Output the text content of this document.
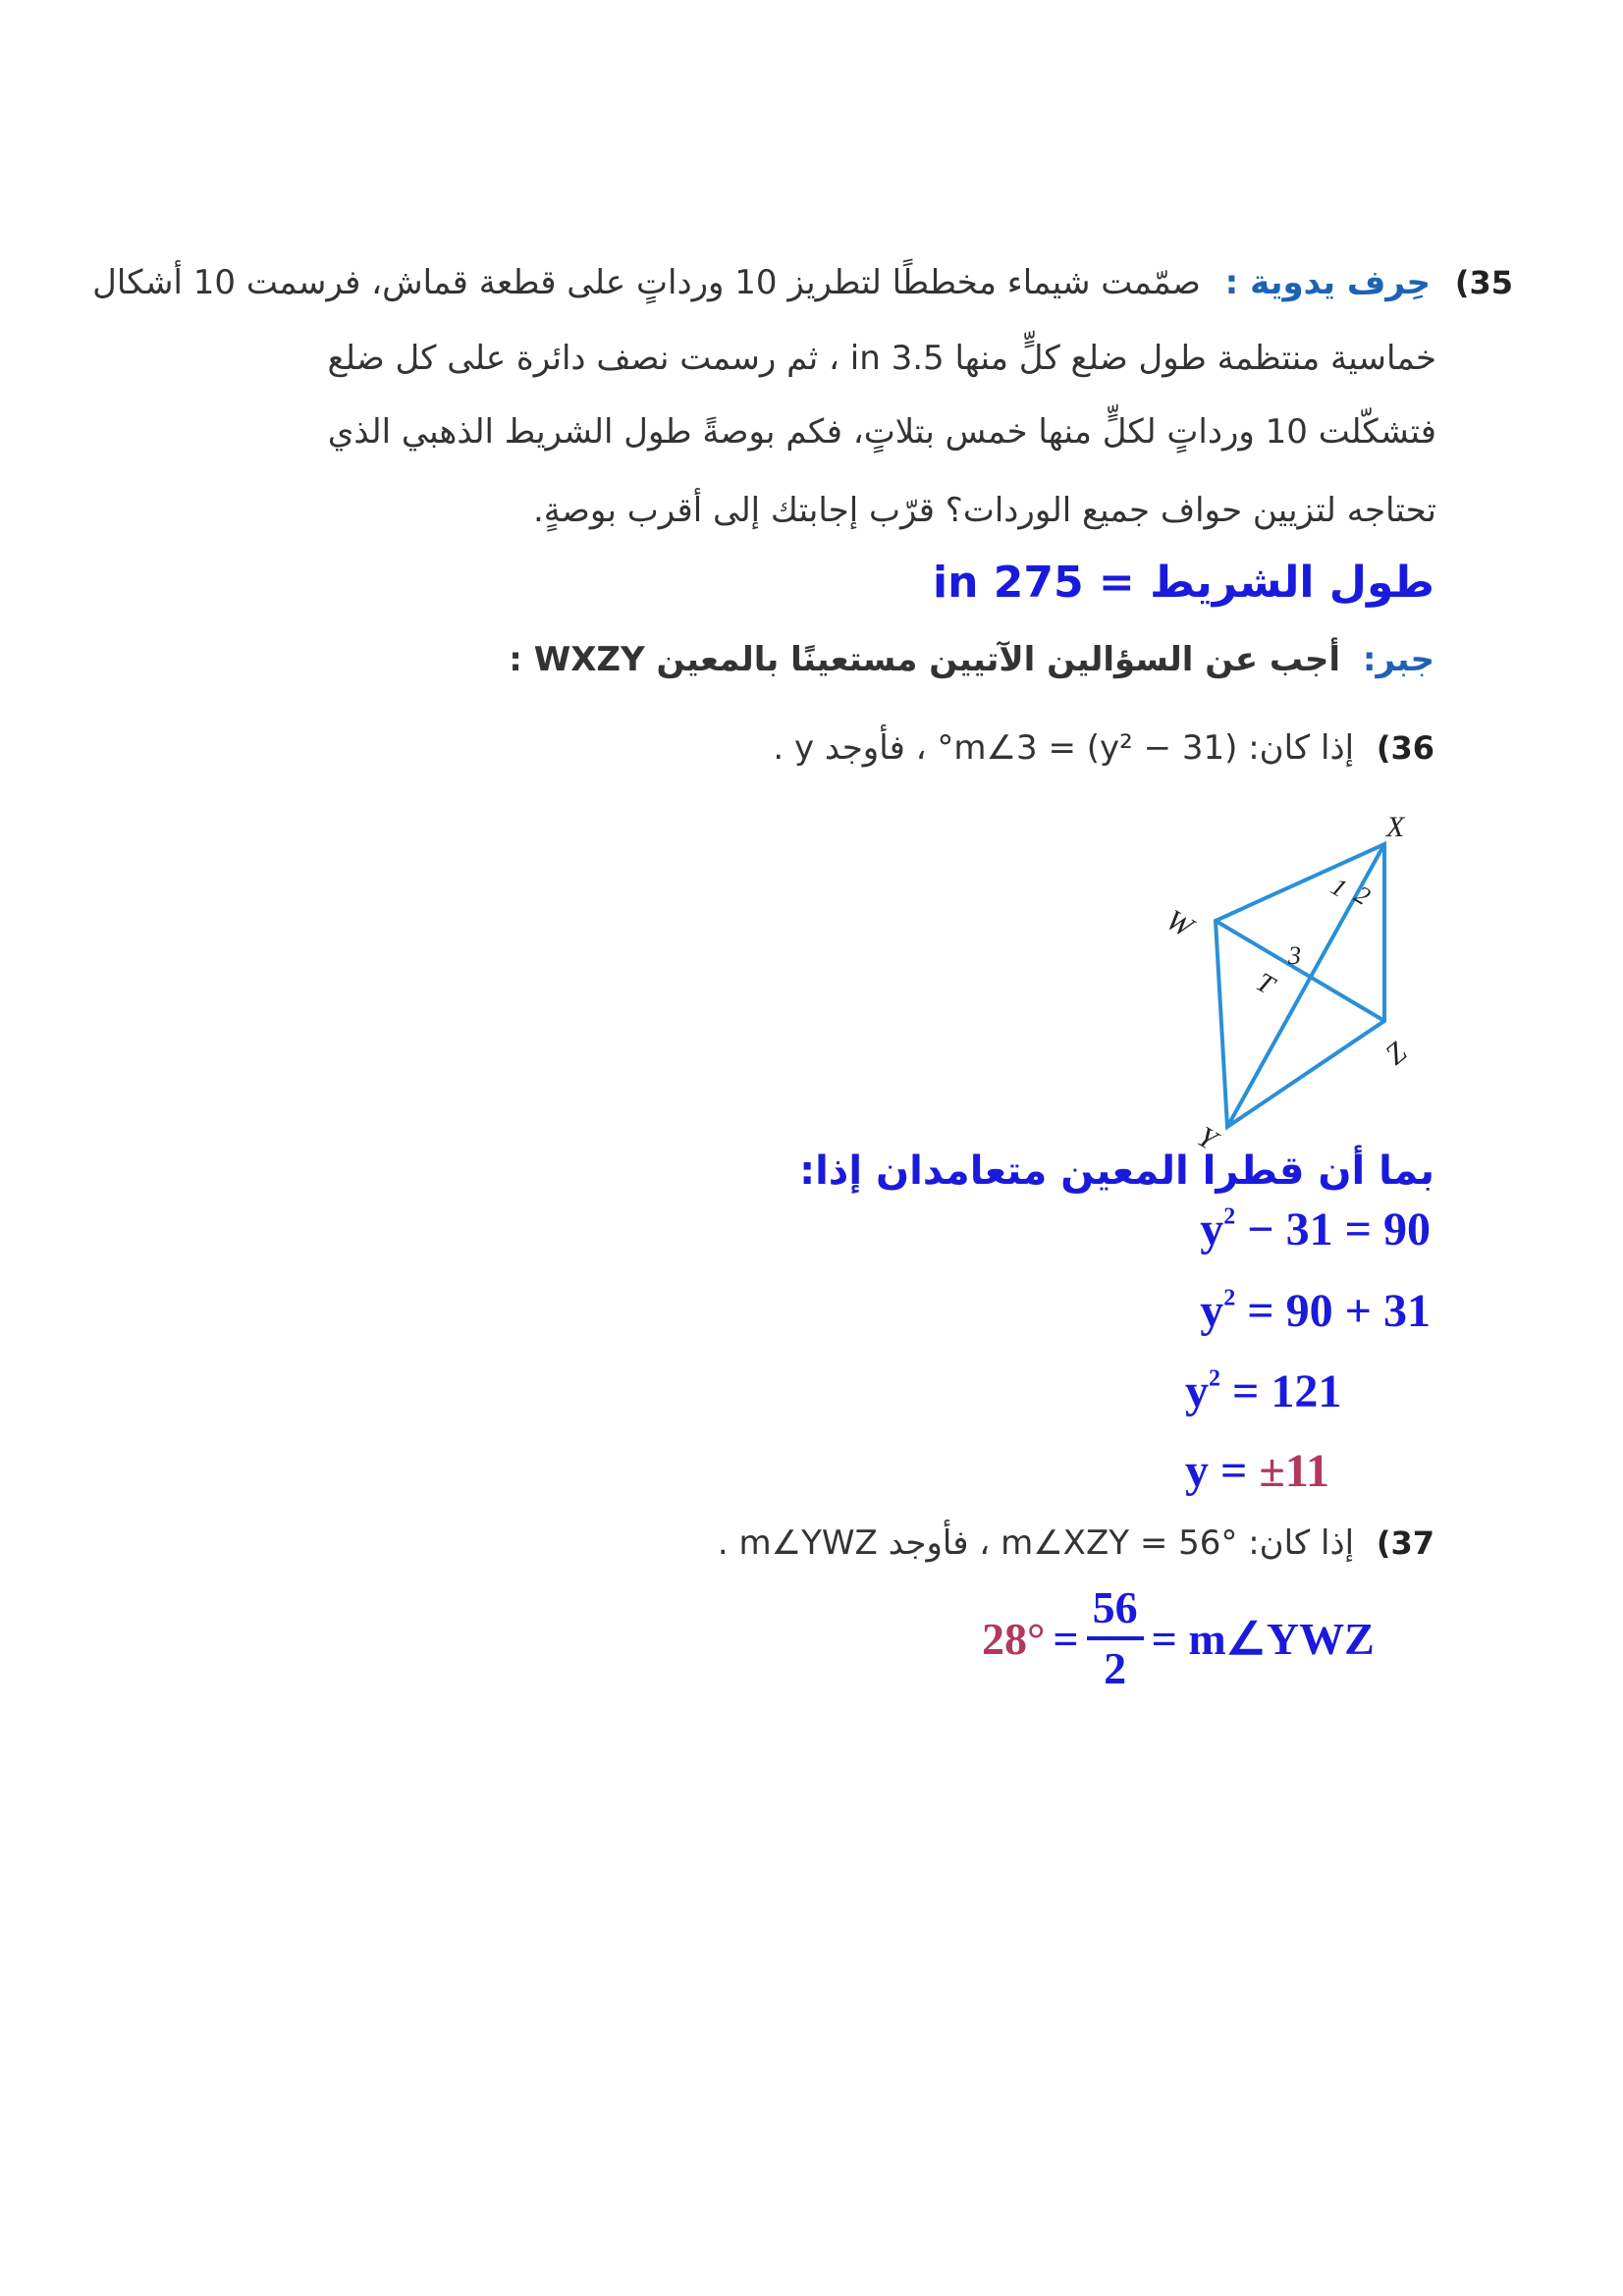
35) حِرف يدوية : صمّمت شيماء مخططًا لتطريز 10 ورداتٍ على قطعة قماش، فرسمت 10 أشكال
خماسية منتظمة طول ضلع كلٍّ منها 3.5 in ، ثم رسمت نصف دائرة على كل ضلع
فتشكّلت 10 ورداتٍ لكلٍّ منها خمس بتلاتٍ، فكم بوصةً طول الشريط الذهبي الذي
تحتاجه لتزيين حواف جميع الوردات؟ قرّب إجابتك إلى أقرب بوصةٍ.
طول الشريط = 275 in
جبر: أجب عن السؤالين الآتيين مستعينًا بالمعين WXZY :
36) إذا كان: m∠3 = (y² − 31)° ، فأوجد y .
X
W
Z
Y
T
1
2
3
بما أن قطرا المعين متعامدان إذا:
$y^2 - 31 = 90$
$y^2 = 90 + 31$
$y^2 = 121$
y = ±11
37) إذا كان: m∠XZY = 56° ، فأوجد m∠YWZ .
$28^\circ = \frac{56}{2}$ = m∠YWZ
